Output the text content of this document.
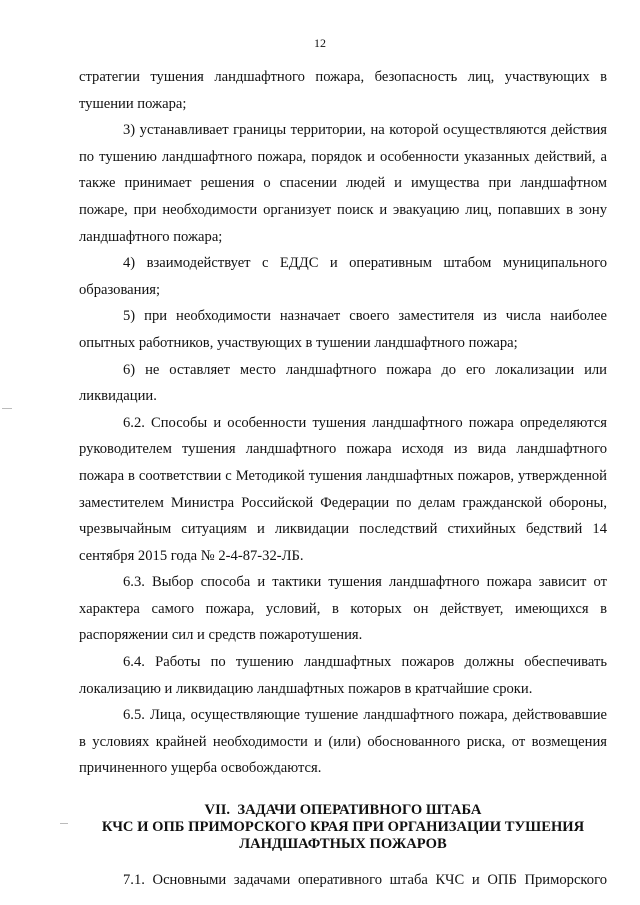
12

стратегии тушения ландшафтного пожара, безопасность лиц, участвующих в тушении пожара;

3) устанавливает границы территории, на которой осуществляются действия по тушению ландшафтного пожара, порядок и особенности указанных действий, а также принимает решения о спасении людей и имущества при ландшафтном пожаре, при необходимости организует поиск и эвакуацию лиц, попавших в зону ландшафтного пожара;

4) взаимодействует с ЕДДС и оперативным штабом муниципального образования;

5) при необходимости назначает своего заместителя из числа наиболее опытных работников, участвующих в тушении ландшафтного пожара;

6) не оставляет место ландшафтного пожара до его локализации или ликвидации.

6.2. Способы и особенности тушения ландшафтного пожара определяются руководителем тушения ландшафтного пожара исходя из вида ландшафтного пожара в соответствии с Методикой тушения ландшафтных пожаров, утвержденной заместителем Министра Российской Федерации по делам гражданской обороны, чрезвычайным ситуациям и ликвидации последствий стихийных бедствий 14 сентября 2015 года № 2-4-87-32-ЛБ.

6.3. Выбор способа и тактики тушения ландшафтного пожара зависит от характера самого пожара, условий, в которых он действует, имеющихся в распоряжении сил и средств пожаротушения.

6.4. Работы по тушению ландшафтных пожаров должны обеспечивать локализацию и ликвидацию ландшафтных пожаров в кратчайшие сроки.

6.5. Лица, осуществляющие тушение ландшафтного пожара, действовавшие в условиях крайней необходимости и (или) обоснованного риска, от возмещения причиненного ущерба освобождаются.

VII.  ЗАДАЧИ ОПЕРАТИВНОГО ШТАБА
КЧС И ОПБ ПРИМОРСКОГО КРАЯ ПРИ ОРГАНИЗАЦИИ ТУШЕНИЯ
ЛАНДШАФТНЫХ ПОЖАРОВ

7.1. Основными задачами оперативного штаба КЧС и ОПБ Приморского
